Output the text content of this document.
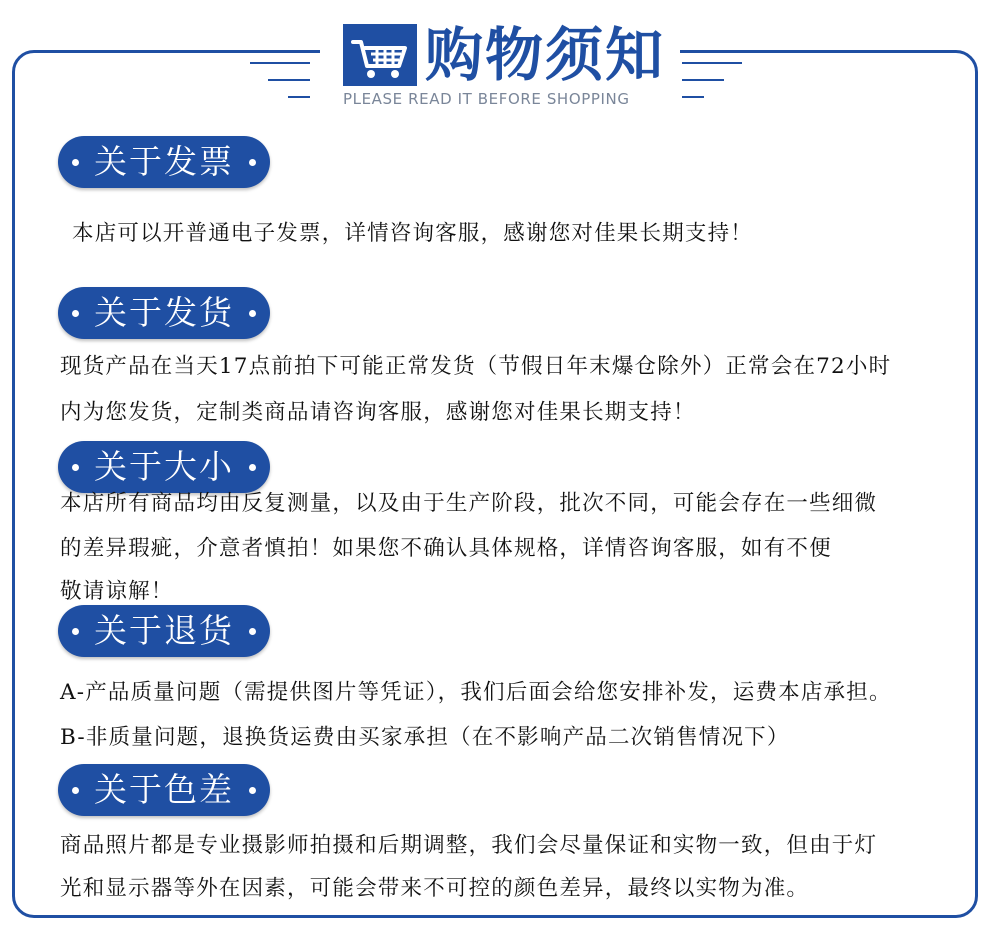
购物须知
PLEASE READ IT BEFORE SHOPPING
关于发票
本店可以开普通电子发票，详情咨询客服，感谢您对佳果长期支持！
关于发货
现货产品在当天17点前拍下可能正常发货（节假日年末爆仓除外）正常会在72小时
内为您发货，定制类商品请咨询客服，感谢您对佳果长期支持！
关于大小
本店所有商品均由反复测量，以及由于生产阶段，批次不同，可能会存在一些细微
的差异瑕疵，介意者慎拍！如果您不确认具体规格，详情咨询客服，如有不便
敬请谅解！
关于退货
A-产品质量问题（需提供图片等凭证），我们后面会给您安排补发，运费本店承担。
B-非质量问题，退换货运费由买家承担（在不影响产品二次销售情况下）
关于色差
商品照片都是专业摄影师拍摄和后期调整，我们会尽量保证和实物一致，但由于灯
光和显示器等外在因素，可能会带来不可控的颜色差异，最终以实物为准。
